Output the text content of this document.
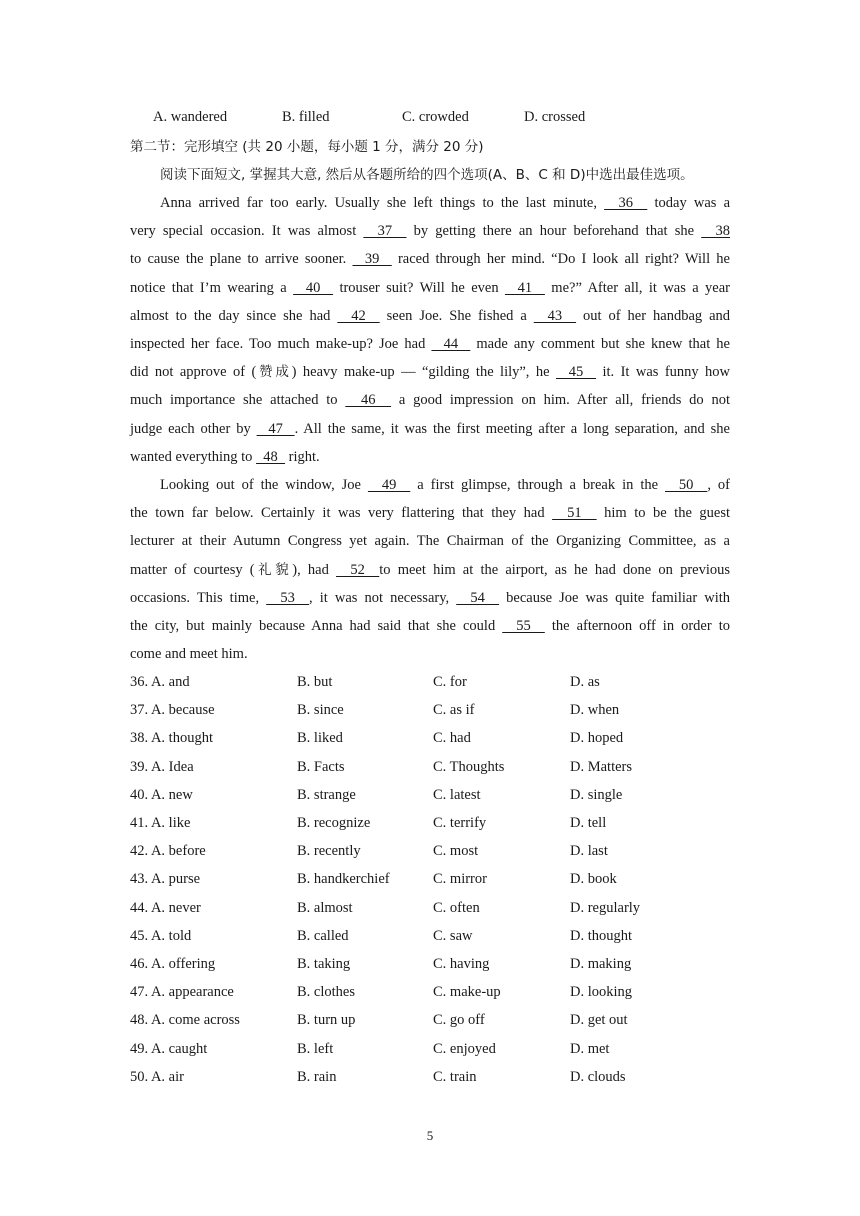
A. wandered	B. filled	C. crowded	D. crossed
第二节：完形填空 (共 20 小题，每小题 1 分，满分 20 分)
阅读下面短文, 掌握其大意, 然后从各题所给的四个选项(A、B、C 和 D)中选出最佳选项。
Anna arrived far too early. Usually she left things to the last minute,   36   today was a
very special occasion. It was almost   37   by getting there an hour beforehand that she   38
to cause the plane to arrive sooner.   39   raced through her mind. “Do I look all right? Will he
notice that I’m wearing a   40   trouser suit? Will he even   41   me?” After all, it was a year
almost to the day since she had   42   seen Joe. She fished a   43   out of her handbag and
inspected her face. Too much make-up? Joe had   44   made any comment but she knew that he
did not approve of (赞成) heavy make-up — “gilding the lily”, he   45   it. It was funny how
much importance she attached to   46   a good impression on him. After all, friends do not
judge each other by   47  . All the same, it was the first meeting after a long separation, and she
wanted everything to   48   right.
Looking out of the window, Joe   49   a first glimpse, through a break in the   50  , of
the town far below. Certainly it was very flattering that they had   51   him to be the guest
lecturer at their Autumn Congress yet again. The Chairman of the Organizing Committee, as a
matter of courtesy (礼貌), had   52  to meet him at the airport, as he had done on previous
occasions. This time,   53  , it was not necessary,   54   because Joe was quite familiar with
the city, but mainly because Anna had said that she could   55   the afternoon off in order to
come and meet him.
36. A. and	B. but	C. for	D. as
37. A. because	B. since	C. as if	D. when
38. A. thought	B. liked	C. had	D. hoped
39. A. Idea	B. Facts	C. Thoughts	D. Matters
40. A. new	B. strange	C. latest	D. single
41. A. like	B. recognize	C. terrify	D. tell
42. A. before	B. recently	C. most	D. last
43. A. purse	B. handkerchief	C. mirror	D. book
44. A. never	B. almost	C. often	D. regularly
45. A. told	B. called	C. saw	D. thought
46. A. offering	B. taking	C. having	D. making
47. A. appearance	B. clothes	C. make-up	D. looking
48. A. come across	B. turn up	C. go off	D. get out
49. A. caught	B. left	C. enjoyed	D. met
50. A. air	B. rain	C. train	D. clouds
5
